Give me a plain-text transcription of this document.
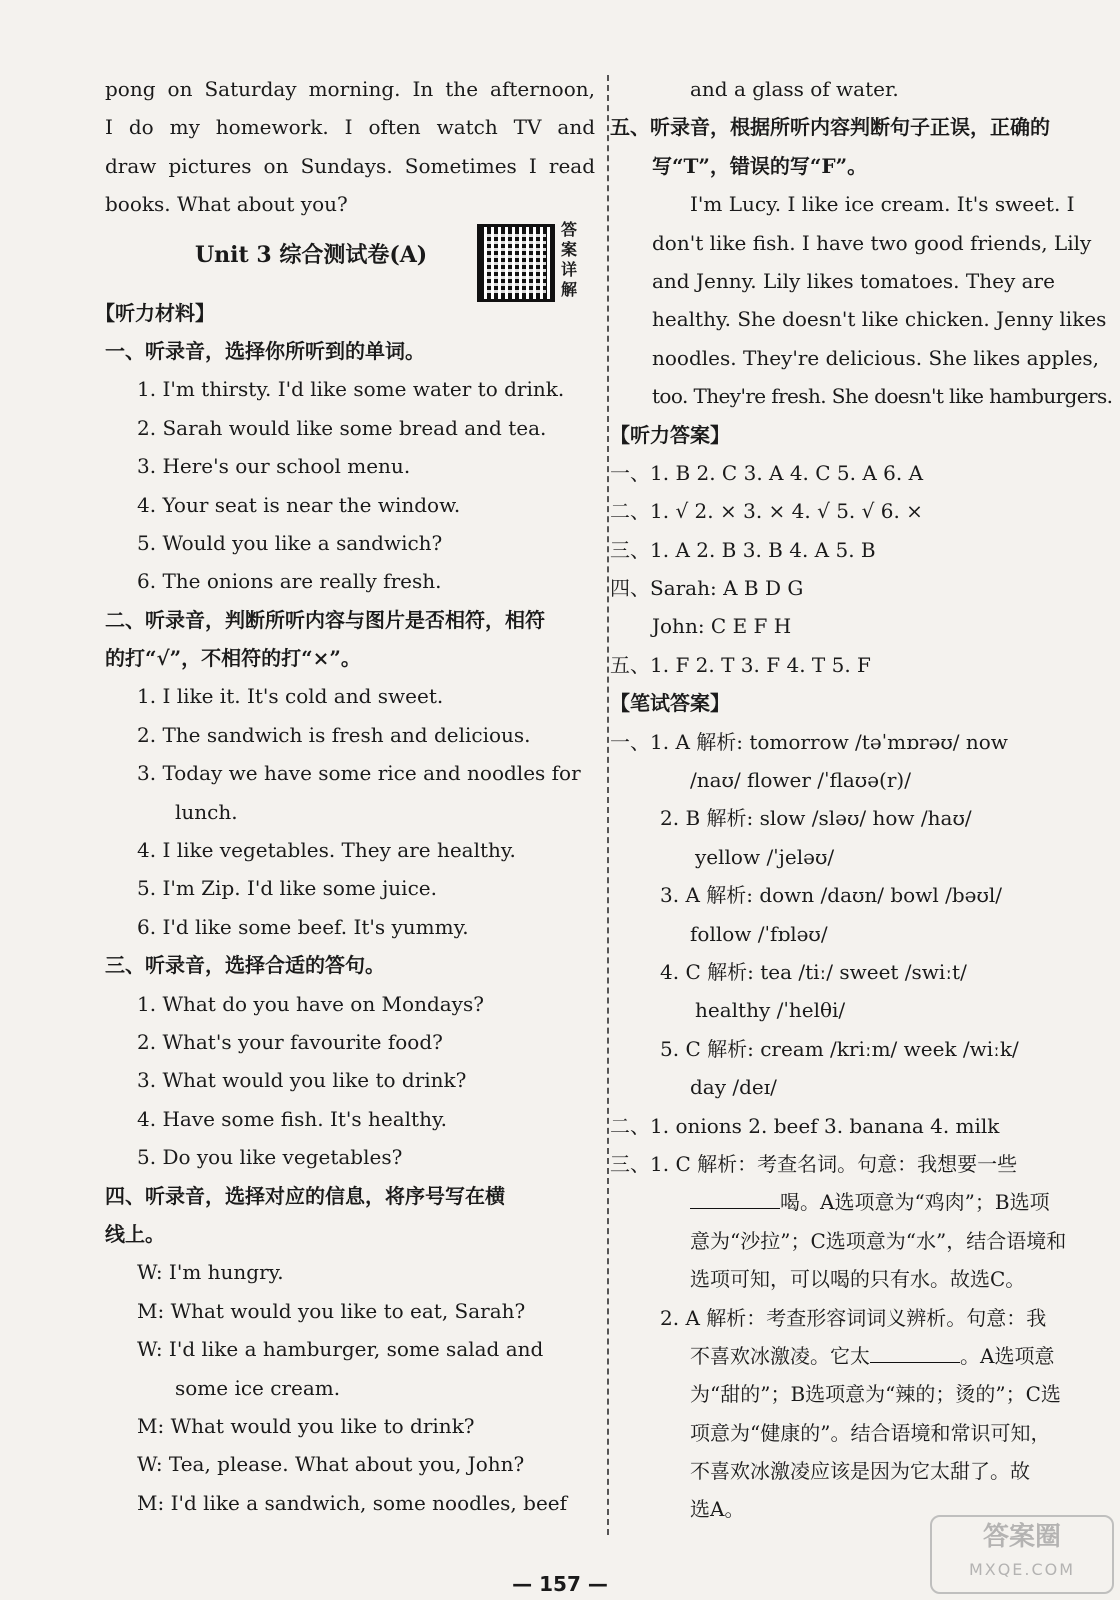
pong on Saturday morning. In the afternoon,
I do my homework. I often watch TV and
draw pictures on Sundays. Sometimes I read
books. What about you?
Unit 3 综合测试卷(A)
答案详解
【听力材料】
一、听录音，选择你所听到的单词。
1. I'm thirsty. I'd like some water to drink.
2. Sarah would like some bread and tea.
3. Here's our school menu.
4. Your seat is near the window.
5. Would you like a sandwich?
6. The onions are really fresh.
二、听录音，判断所听内容与图片是否相符，相符
的打“√”，不相符的打“×”。
1. I like it. It's cold and sweet.
2. The sandwich is fresh and delicious.
3. Today we have some rice and noodles for
lunch.
4. I like vegetables. They are healthy.
5. I'm Zip. I'd like some juice.
6. I'd like some beef. It's yummy.
三、听录音，选择合适的答句。
1. What do you have on Mondays?
2. What's your favourite food?
3. What would you like to drink?
4. Have some fish. It's healthy.
5. Do you like vegetables?
四、听录音，选择对应的信息，将序号写在横
线上。
W: I'm hungry.
M: What would you like to eat, Sarah?
W: I'd like a hamburger, some salad and
some ice cream.
M: What would you like to drink?
W: Tea, please. What about you, John?
M: I'd like a sandwich, some noodles, beef
and a glass of water.
五、听录音，根据所听内容判断句子正误，正确的
写“T”，错误的写“F”。
I'm Lucy. I like ice cream. It's sweet. I
don't like fish. I have two good friends, Lily
and Jenny. Lily likes tomatoes. They are
healthy. She doesn't like chicken. Jenny likes
noodles. They're delicious. She likes apples,
too. They're fresh. She doesn't like hamburgers.
【听力答案】
一、1. B 2. C 3. A 4. C 5. A 6. A
二、1. √ 2. × 3. × 4. √ 5. √ 6. ×
三、1. A 2. B 3. B 4. A 5. B
四、Sarah: A B D G
John: C E F H
五、1. F 2. T 3. F 4. T 5. F
【笔试答案】
一、1. A 解析: tomorrow /təˈmɒrəʊ/ now
/naʊ/ flower /ˈflaʊə(r)/
2. B 解析: slow /sləʊ/ how /haʊ/
yellow /ˈjeləʊ/
3. A 解析: down /daʊn/ bowl /bəʊl/
follow /ˈfɒləʊ/
4. C 解析: tea /tiː/ sweet /swiːt/
healthy /ˈhelθi/
5. C 解析: cream /kriːm/ week /wiːk/
day /deɪ/
二、1. onions 2. beef 3. banana 4. milk
三、1. C 解析：考查名词。句意：我想要一些
喝。A选项意为“鸡肉”；B选项
意为“沙拉”；C选项意为“水”，结合语境和
选项可知，可以喝的只有水。故选C。
2. A 解析：考查形容词词义辨析。句意：我
不喜欢冰激凌。它太	。A选项意
为“甜的”；B选项意为“辣的；烫的”；C选
项意为“健康的”。结合语境和常识可知，
不喜欢冰激凌应该是因为它太甜了。故
选A。
— 157 —
答案圈
MXQE.COM
